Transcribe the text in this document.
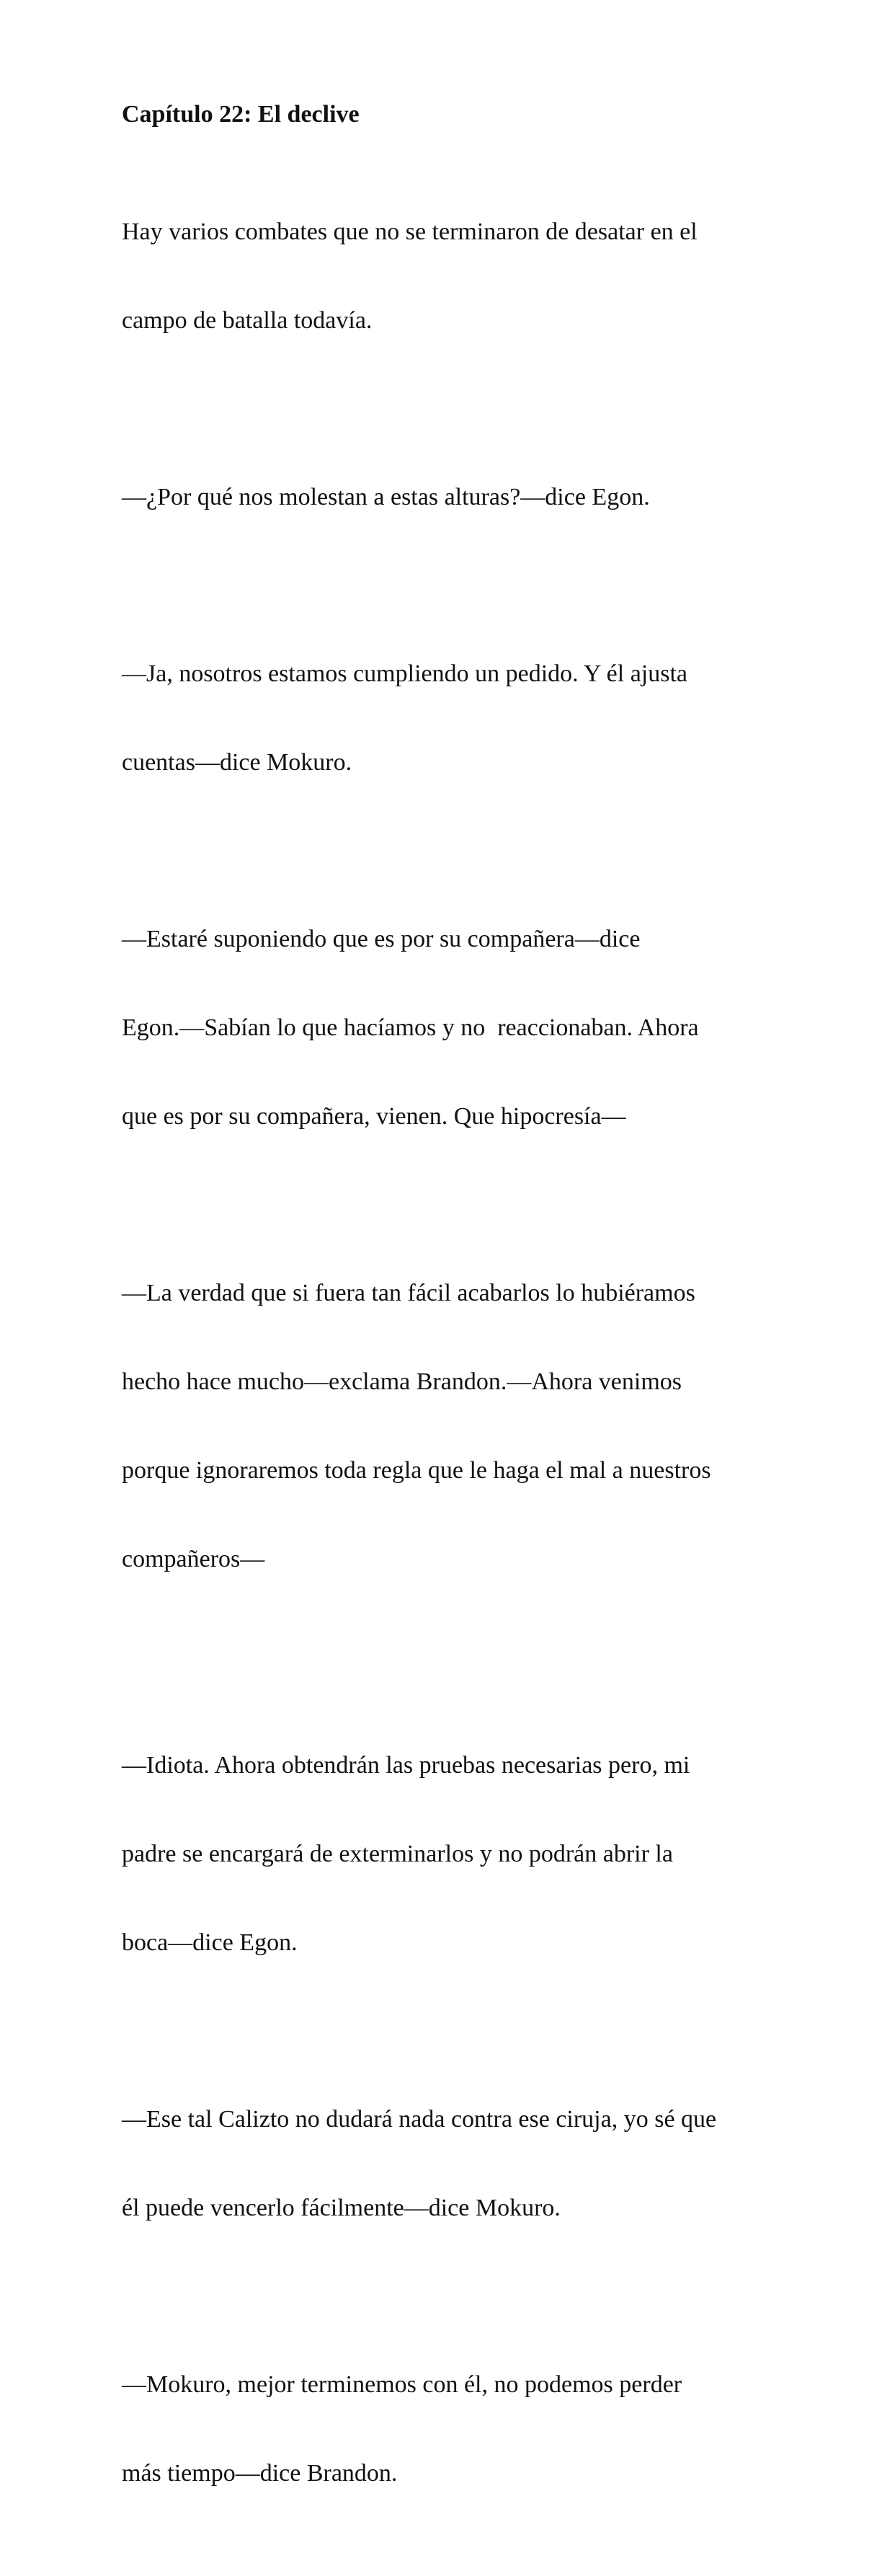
Capítulo 22: El declive

Hay varios combates que no se terminaron de desatar en el

campo de batalla todavía.

—¿Por qué nos molestan a estas alturas?—dice Egon.

—Ja, nosotros estamos cumpliendo un pedido. Y él ajusta

cuentas—dice Mokuro.

—Estaré suponiendo que es por su compañera—dice

Egon.—Sabían lo que hacíamos y no  reaccionaban. Ahora

que es por su compañera, vienen. Que hipocresía—

—La verdad que si fuera tan fácil acabarlos lo hubiéramos

hecho hace mucho—exclama Brandon.—Ahora venimos

porque ignoraremos toda regla que le haga el mal a nuestros

compañeros—

—Idiota. Ahora obtendrán las pruebas necesarias pero, mi

padre se encargará de exterminarlos y no podrán abrir la

boca—dice Egon.

—Ese tal Calizto no dudará nada contra ese ciruja, yo sé que

él puede vencerlo fácilmente—dice Mokuro.

—Mokuro, mejor terminemos con él, no podemos perder

más tiempo—dice Brandon.
